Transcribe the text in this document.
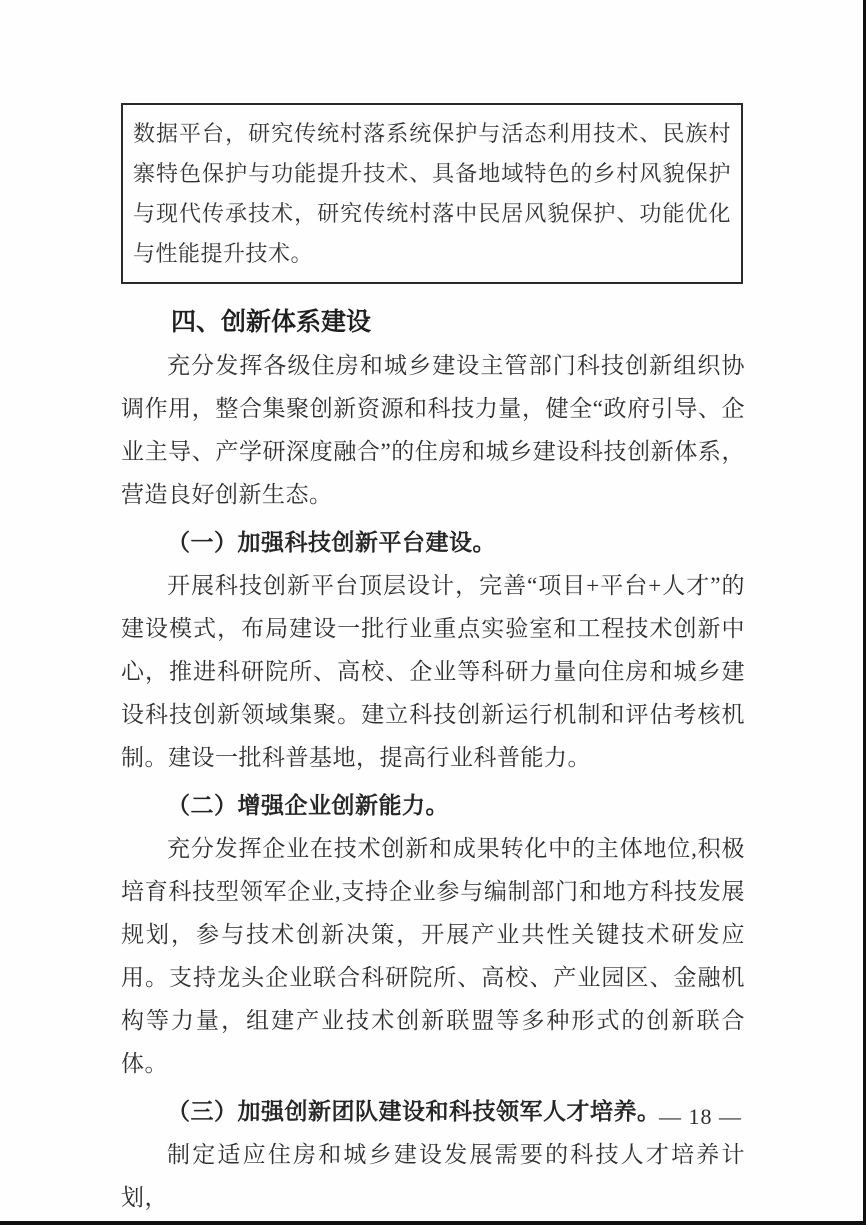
数据平台，研究传统村落系统保护与活态利用技术、民族村寨特色保护与功能提升技术、具备地域特色的乡村风貌保护与现代传承技术，研究传统村落中民居风貌保护、功能优化与性能提升技术。

四、创新体系建设

充分发挥各级住房和城乡建设主管部门科技创新组织协调作用，整合集聚创新资源和科技力量，健全“政府引导、企业主导、产学研深度融合”的住房和城乡建设科技创新体系，营造良好创新生态。

（一）加强科技创新平台建设。

开展科技创新平台顶层设计，完善“项目+平台+人才”的建设模式，布局建设一批行业重点实验室和工程技术创新中心，推进科研院所、高校、企业等科研力量向住房和城乡建设科技创新领域集聚。建立科技创新运行机制和评估考核机制。建设一批科普基地，提高行业科普能力。

（二）增强企业创新能力。

充分发挥企业在技术创新和成果转化中的主体地位,积极培育科技型领军企业,支持企业参与编制部门和地方科技发展规划，参与技术创新决策，开展产业共性关键技术研发应用。支持龙头企业联合科研院所、高校、产业园区、金融机构等力量，组建产业技术创新联盟等多种形式的创新联合体。

（三）加强创新团队建设和科技领军人才培养。

制定适应住房和城乡建设发展需要的科技人才培养计划，

— 18 —
